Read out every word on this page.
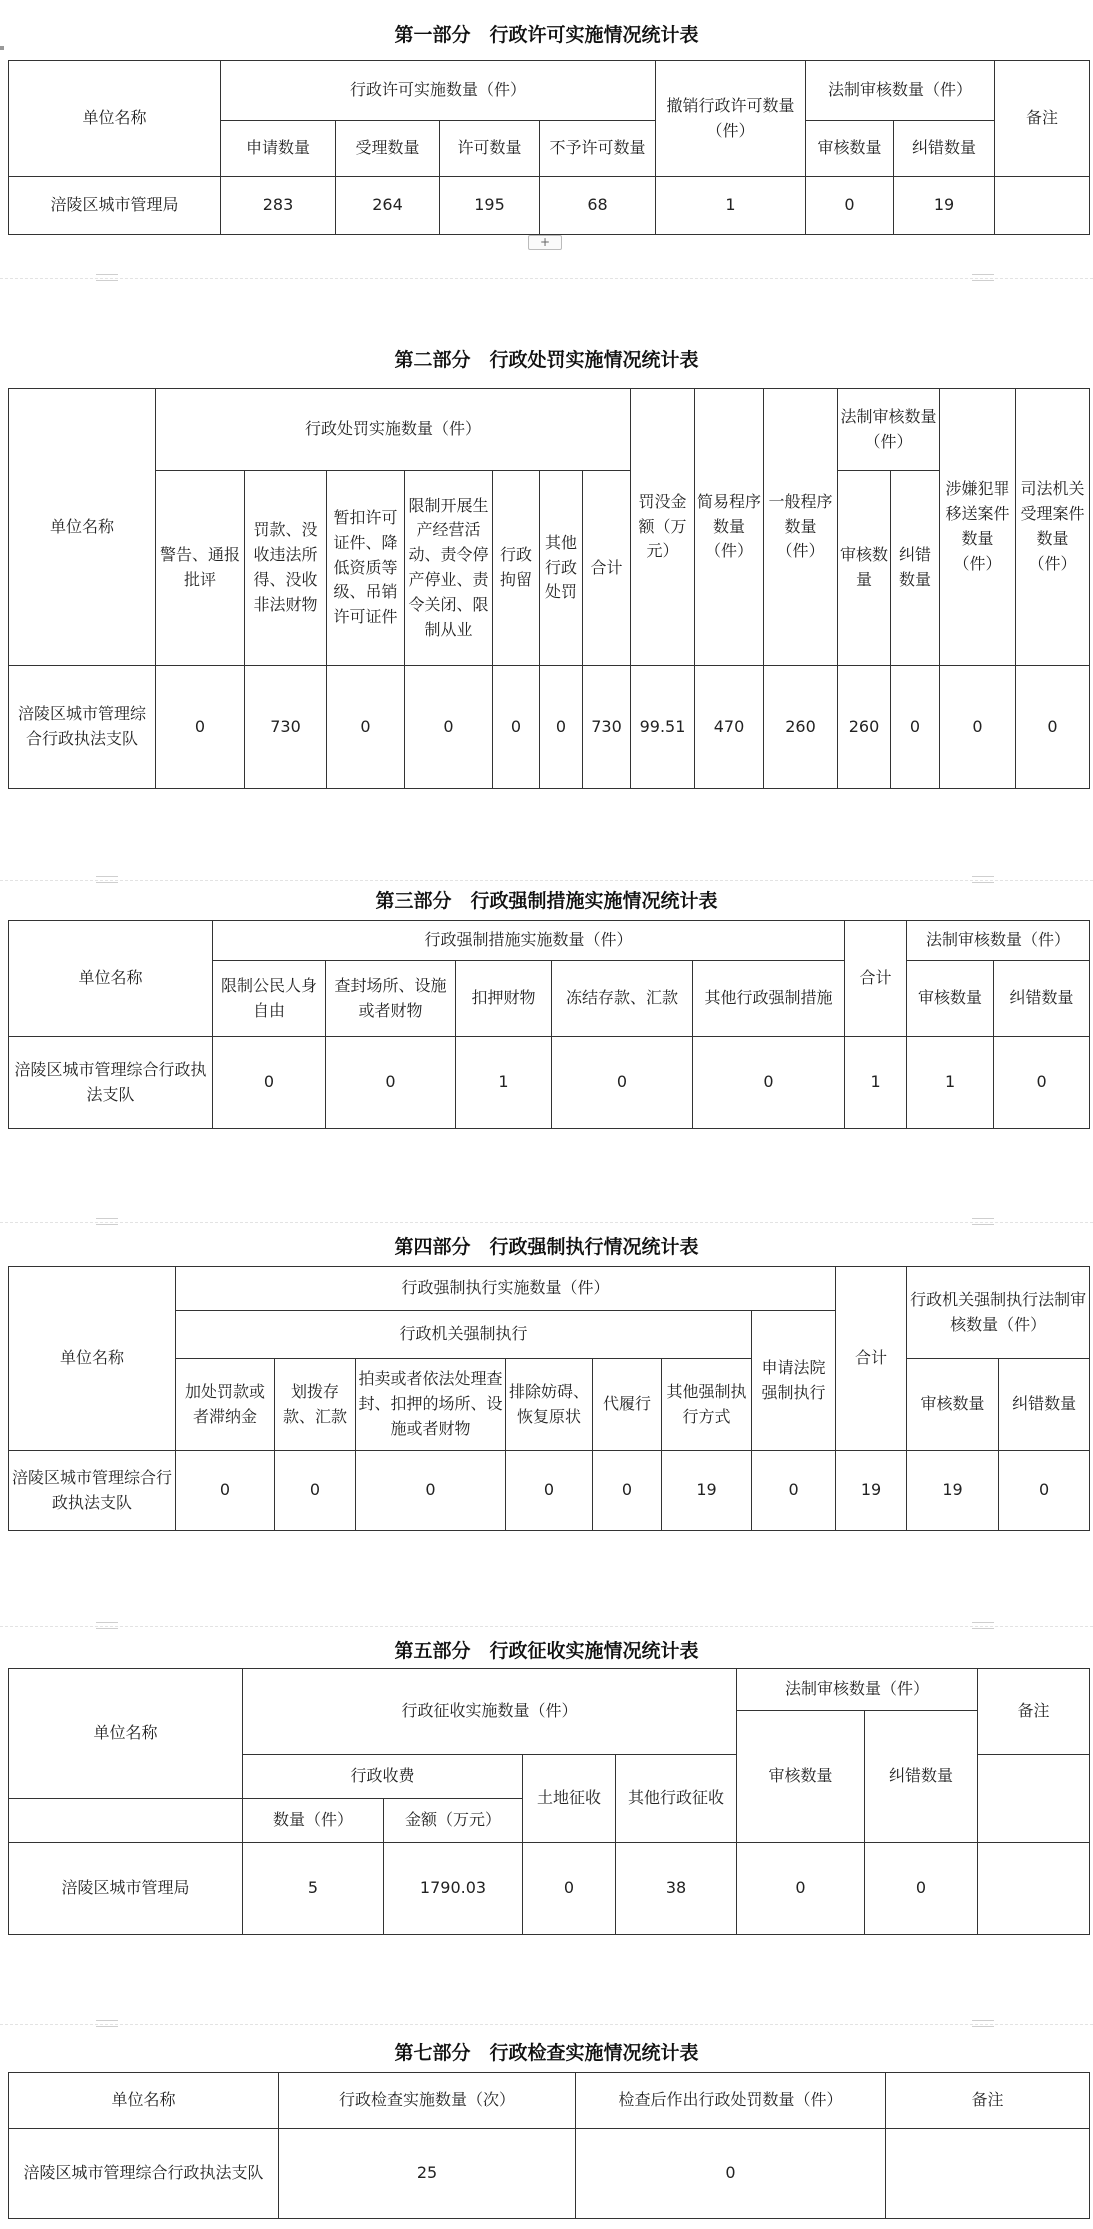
第一部分　行政许可实施情况统计表
单位名称	行政许可实施数量（件）				撤销行政许可数量（件）	法制审核数量（件）		备注
	申请数量	受理数量	许可数量	不予许可数量		审核数量	纠错数量	
涪陵区城市管理局	283	264	195	68	1	0	19	
+
第二部分　行政处罚实施情况统计表
单位名称	行政处罚实施数量（件）							罚没金额（万元）	简易程序数量（件）	一般程序数量（件）	法制审核数量（件）		涉嫌犯罪移送案件数量（件）	司法机关受理案件数量（件）
	警告、通报批评	罚款、没收违法所得、没收非法财物	暂扣许可证件、降低资质等级、吊销许可证件	限制开展生产经营活动、责令停产停业、责令关闭、限制从业	行政拘留	其他行政处罚	合计				审核数量	纠错数量		
涪陵区城市管理综合行政执法支队	0	730	0	0	0	0	730	99.51	470	260	260	0	0	0
第三部分　行政强制措施实施情况统计表
单位名称	行政强制措施实施数量（件）					合计	法制审核数量（件）	
	限制公民人身自由	查封场所、设施或者财物	扣押财物	冻结存款、汇款	其他行政强制措施		审核数量	纠错数量
涪陵区城市管理综合行政执法支队	0	0	1	0	0	1	1	0
第四部分　行政强制执行情况统计表
单位名称	行政强制执行实施数量（件）							合计	行政机关强制执行法制审核数量（件）	
	行政机关强制执行						申请法院强制执行			
	加处罚款或者滞纳金	划拨存款、汇款	拍卖或者依法处理查封、扣押的场所、设施或者财物	排除妨碍、恢复原状	代履行	其他强制执行方式			审核数量	纠错数量
涪陵区城市管理综合行政执法支队	0	0	0	0	0	19	0	19	19	0
第五部分　行政征收实施情况统计表
单位名称	行政征收实施数量（件）				法制审核数量（件）		备注
					审核数量	纠错数量	
	行政收费		土地征收	其他行政征收			
	数量（件）	金额（万元）					
涪陵区城市管理局	5	1790.03	0	38	0	0	
第七部分　行政检查实施情况统计表
单位名称	行政检查实施数量（次）	检查后作出行政处罚数量（件）	备注
涪陵区城市管理综合行政执法支队	25	0	
